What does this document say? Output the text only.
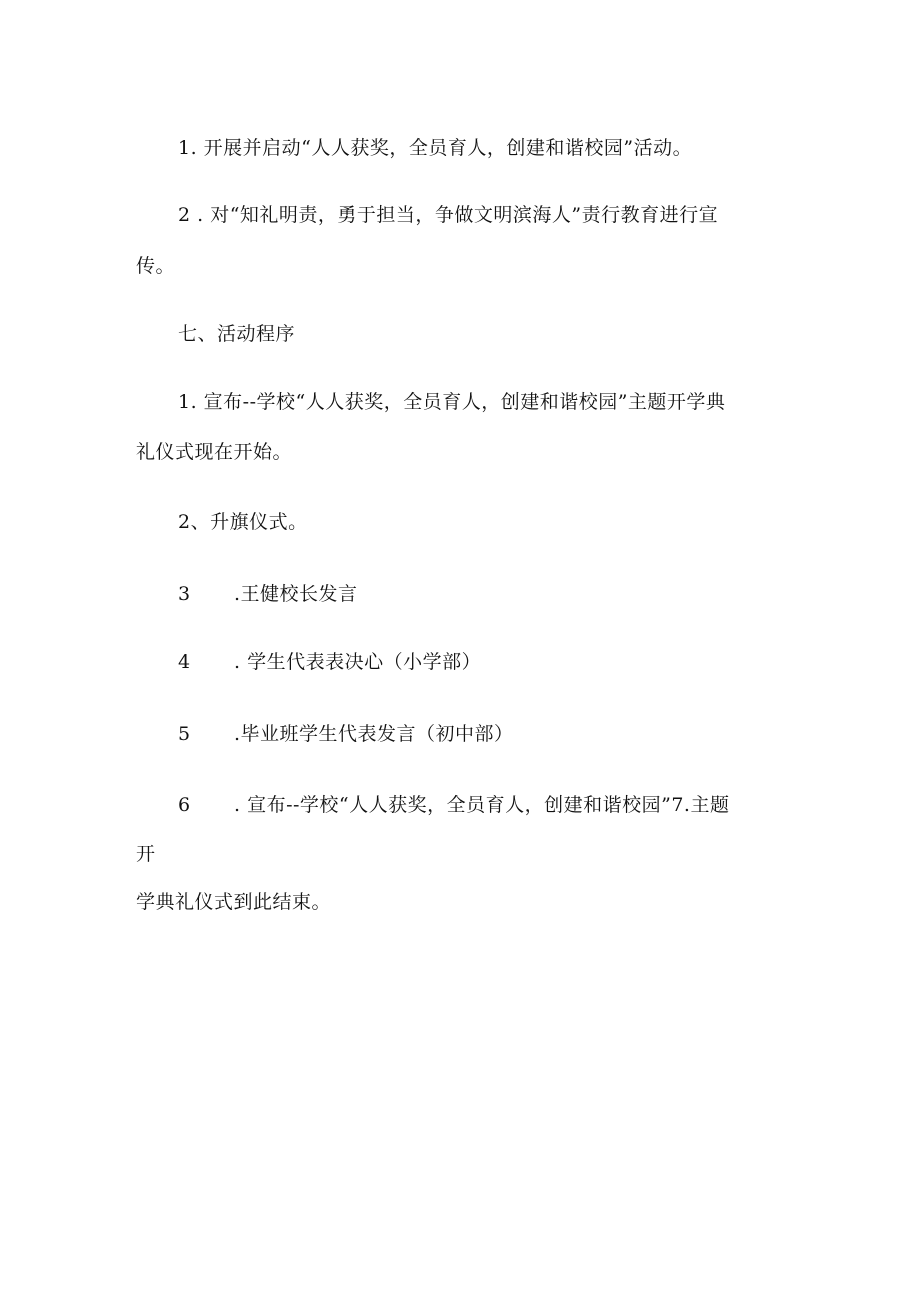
1. 开展并启动“人人获奖，全员育人，创建和谐校园”活动。
2 . 对“知礼明责，勇于担当，争做文明滨海人”责行教育进行宣
传。
七、活动程序
1. 宣布--学校“人人获奖，全员育人，创建和谐校园”主题开学典
礼仪式现在开始。
2、升旗仪式。
3 .王健校长发言
4 . 学生代表表决心（小学部）
5 .毕业班学生代表发言（初中部）
6 . 宣布--学校“人人获奖，全员育人，创建和谐校园”7.主题
开
学典礼仪式到此结束。
